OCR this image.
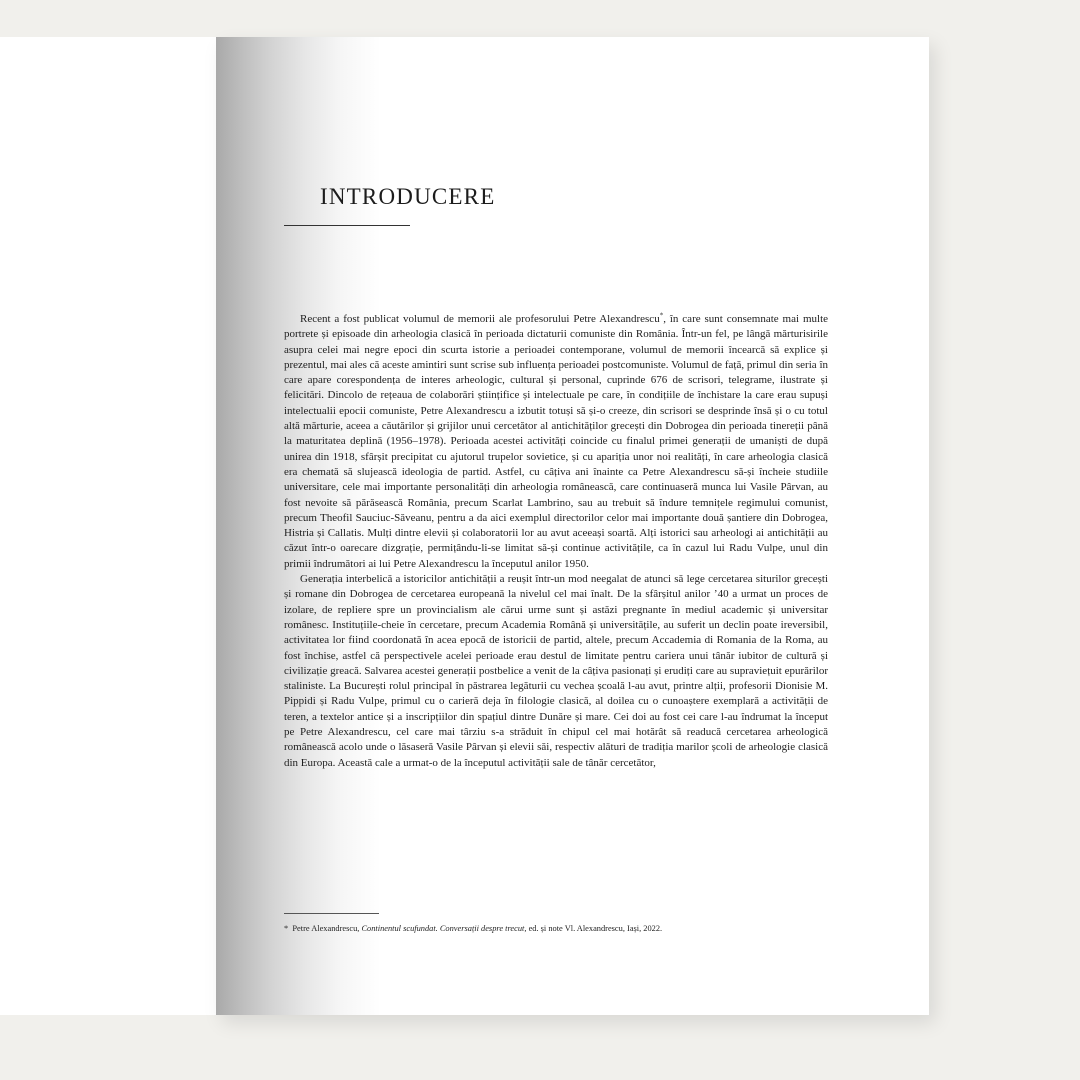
INTRODUCERE

Recent a fost publicat volumul de memorii ale profesorului Petre Alexandrescu*, în care sunt consemnate mai multe portrete și episoade din arheologia clasică în perioada dictaturii comuniste din România. Într-un fel, pe lângă mărturisirile asupra celei mai negre epoci din scurta istorie a perioadei contemporane, volumul de memorii încearcă să explice și prezentul, mai ales că aceste amintiri sunt scrise sub influența perioadei postcomuniste. Volumul de față, primul din seria în care apare corespondența de interes arheologic, cultural și personal, cuprinde 676 de scrisori, telegrame, ilustrate și felicitări. Dincolo de rețeaua de colaborări științifice și intelectuale pe care, în condițiile de închistare la care erau supuși intelectualii epocii comuniste, Petre Alexandrescu a izbutit totuși să și-o creeze, din scrisori se desprinde însă și o cu totul altă mărturie, aceea a căutărilor și grijilor unui cercetător al antichităților grecești din Dobrogea din perioada tinereții până la maturitatea deplină (1956–1978). Perioada acestei activități coincide cu finalul primei generații de umaniști de după unirea din 1918, sfârșit precipitat cu ajutorul trupelor sovietice, și cu apariția unor noi realități, în care arheologia clasică era chemată să slujească ideologia de partid. Astfel, cu câțiva ani înainte ca Petre Alexandrescu să-și încheie studiile universitare, cele mai importante personalități din arheologia românească, care continuaseră munca lui Vasile Pârvan, au fost nevoite să părăsească România, precum Scarlat Lambrino, sau au trebuit să îndure temnițele regimului comunist, precum Theofil Sauciuc-Săveanu, pentru a da aici exemplul directorilor celor mai importante două șantiere din Dobrogea, Histria și Callatis. Mulți dintre elevii și colaboratorii lor au avut aceeași soartă. Alți istorici sau arheologi ai antichității au căzut într-o oarecare dizgrație, permițându-li-se limitat să-și continue activitățile, ca în cazul lui Radu Vulpe, unul din primii îndrumători ai lui Petre Alexandrescu la începutul anilor 1950.

Generația interbelică a istoricilor antichității a reușit într-un mod neegalat de atunci să lege cercetarea siturilor grecești și romane din Dobrogea de cercetarea europeană la nivelul cel mai înalt. De la sfârșitul anilor ’40 a urmat un proces de izolare, de repliere spre un provincialism ale cărui urme sunt și astăzi pregnante în mediul academic și universitar românesc. Instituțiile-cheie în cercetare, precum Academia Română și universitățile, au suferit un declin poate ireversibil, activitatea lor fiind coordonată în acea epocă de istoricii de partid, altele, precum Accademia di Romania de la Roma, au fost închise, astfel că perspectivele acelei perioade erau destul de limitate pentru cariera unui tânăr iubitor de cultură și civilizație greacă. Salvarea acestei generații postbelice a venit de la câțiva pasionați și erudiți care au supraviețuit epurărilor staliniste. La București rolul principal în păstrarea legăturii cu vechea școală l-au avut, printre alții, profesorii Dionisie M. Pippidi și Radu Vulpe, primul cu o carieră deja în filologie clasică, al doilea cu o cunoaștere exemplară a activității de teren, a textelor antice și a inscripțiilor din spațiul dintre Dunăre și mare. Cei doi au fost cei care l-au îndrumat la început pe Petre Alexandrescu, cel care mai târziu s-a străduit în chipul cel mai hotărât să readucă cercetarea arheologică românească acolo unde o lăsaseră Vasile Pârvan și elevii săi, respectiv alături de tradiția marilor școli de arheologie clasică din Europa. Această cale a urmat-o de la începutul activității sale de tânăr cercetător,

* Petre Alexandrescu, Continentul scufundat. Conversații despre trecut, ed. și note Vl. Alexandrescu, Iași, 2022.
